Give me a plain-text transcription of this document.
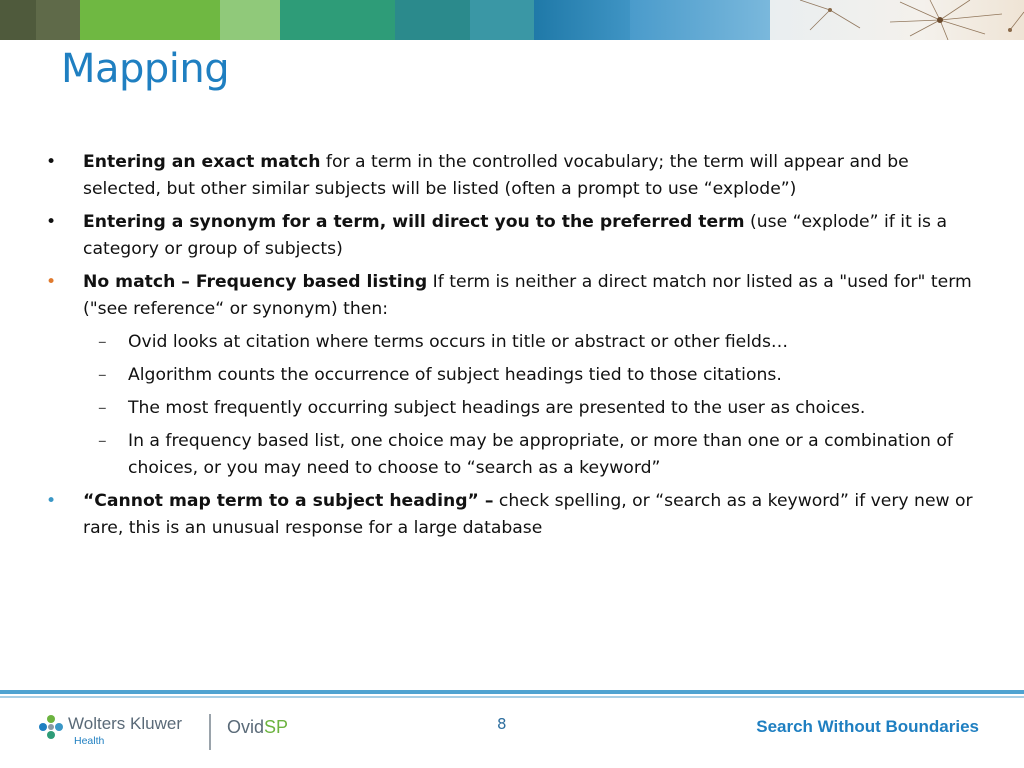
Mapping
•	Entering an exact match for a term in the controlled vocabulary; the term will appear and be selected, but other similar subjects will be listed (often a prompt to use “explode”)
•	Entering a synonym for a term, will direct you to the preferred term (use “explode” if it is a category or group of subjects)
•	No match – Frequency based listing If term is neither a direct match nor listed as a "used for" term ("see reference“ or synonym) then:
– Ovid looks at citation where terms occurs in title or abstract or other fields…
– Algorithm counts the occurrence of subject headings tied to those citations.
– The most frequently occurring subject headings are presented to the user as choices.
– In a frequency based list, one choice may be appropriate, or more than one or a combination of choices, or you may need to choose to “search as a keyword”
•	“Cannot map term to a subject heading” – check spelling, or “search as a keyword” if very new or rare, this is an unusual response for a large database
Wolters Kluwer
Health
OvidSP	8	Search Without Boundaries
